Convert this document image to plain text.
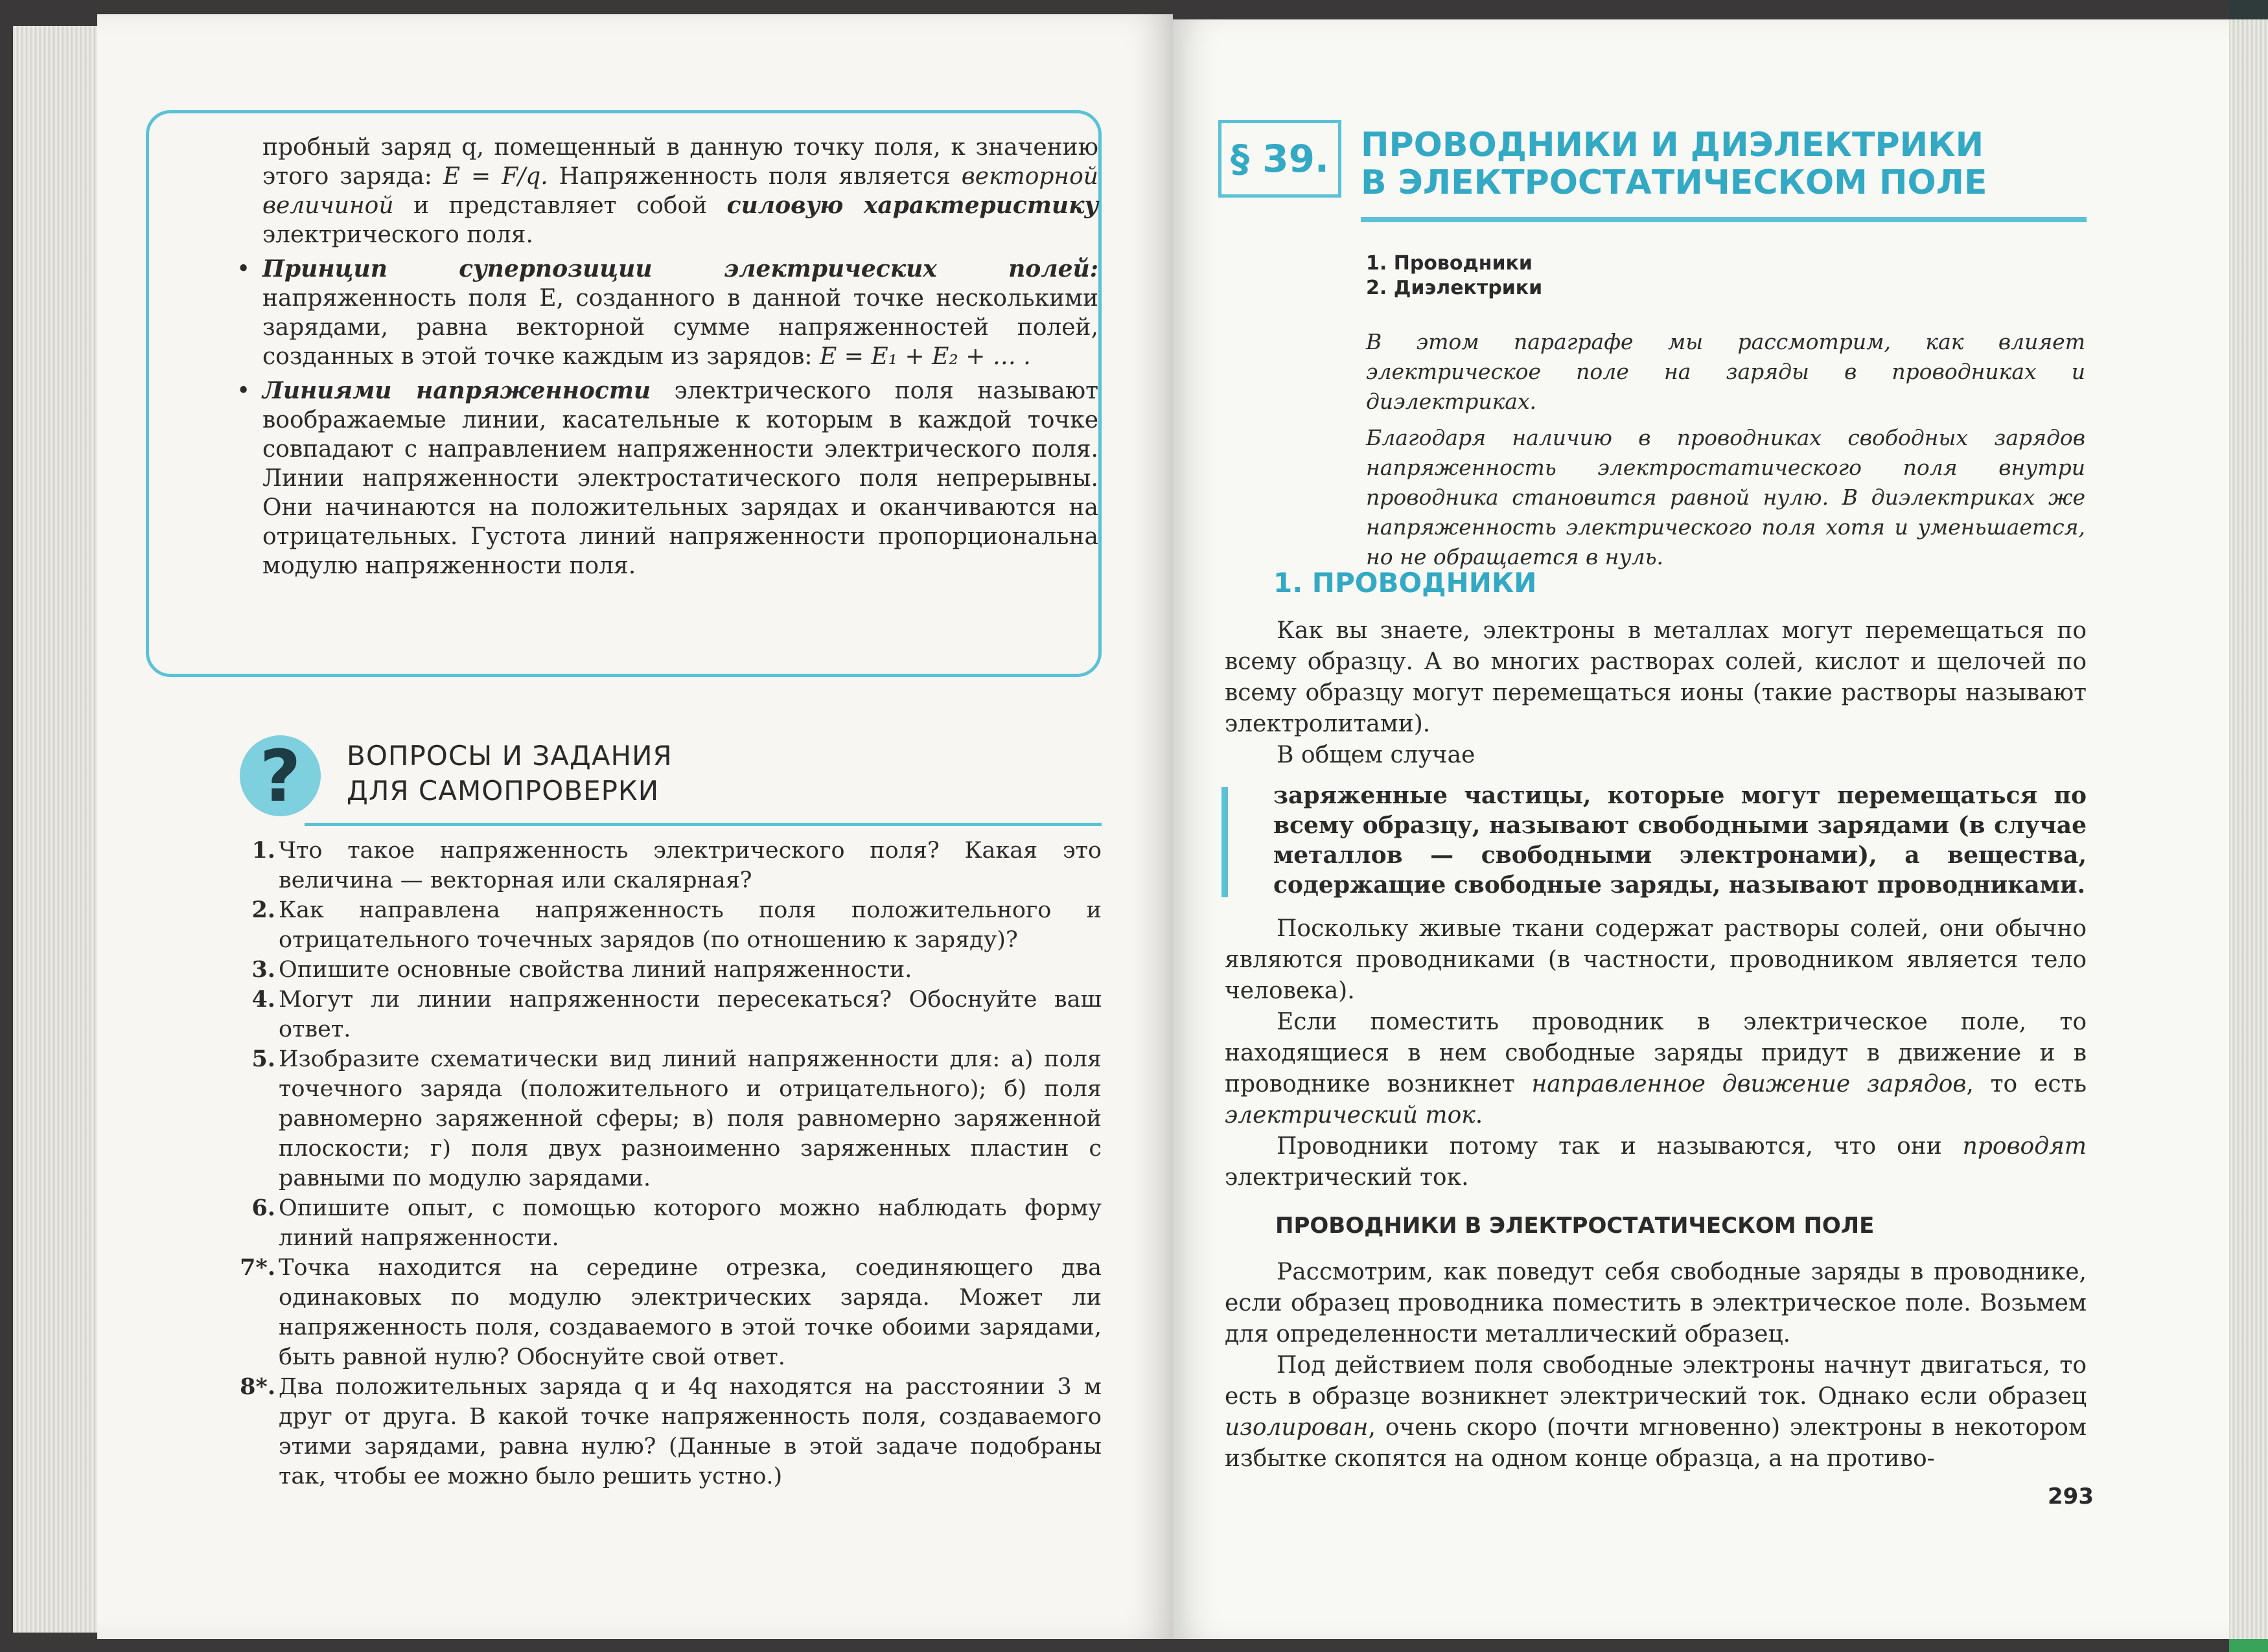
пробный заряд q, помещенный в данную точку поля, к значению этого заряда: E = F/q. Напряженность поля является векторной величиной и представляет собой силовую характеристику электрического поля.

• Принцип суперпозиции электрических полей: напряженность поля E, созданного в данной точке несколькими зарядами, равна векторной сумме напряженностей полей, созданных в этой точке каждым из зарядов: E = E₁ + E₂ + … .

• Линиями напряженности электрического поля называют воображаемые линии, касательные к которым в каждой точке совпадают с направлением напряженности электрического поля. Линии напряженности электростатического поля непрерывны. Они начинаются на положительных зарядах и оканчиваются на отрицательных. Густота линий напряженности пропорциональна модулю напряженности поля.

?	ВОПРОСЫ И ЗАДАНИЯ
ДЛЯ САМОПРОВЕРКИ
1. Что такое напряженность электрического поля? Какая это величина — векторная или скалярная?
2. Как направлена напряженность поля положительного и отрицательного точечных зарядов (по отношению к заряду)?
3. Опишите основные свойства линий напряженности.
4. Могут ли линии напряженности пересекаться? Обоснуйте ваш ответ.
5. Изобразите схематически вид линий напряженности для: а) поля точечного заряда (положительного и отрицательного); б) поля равномерно заряженной сферы; в) поля равномерно заряженной плоскости; г) поля двух разноименно заряженных пластин с равными по модулю зарядами.
6. Опишите опыт, с помощью которого можно наблюдать форму линий напряженности.
7*. Точка находится на середине отрезка, соединяющего два одинаковых по модулю электрических заряда. Может ли напряженность поля, создаваемого в этой точке обоими зарядами, быть равной нулю? Обоснуйте свой ответ.
8*. Два положительных заряда q и 4q находятся на расстоянии 3 м друг от друга. В какой точке напряженность поля, создаваемого этими зарядами, равна нулю? (Данные в этой задаче подобраны так, чтобы ее можно было решить устно.)
§ 39. ПРОВОДНИКИ И ДИЭЛЕКТРИКИ
В ЭЛЕКТРОСТАТИЧЕСКОМ ПОЛЕ
1. Проводники
2. Диэлектрики

В этом параграфе мы рассмотрим, как влияет электрическое поле на заряды в проводниках и диэлектриках.

Благодаря наличию в проводниках свободных зарядов напряженность электростатического поля внутри проводника становится равной нулю. В диэлектриках же напряженность электрического поля хотя и уменьшается, но не обращается в нуль.

1. ПРОВОДНИКИ

Как вы знаете, электроны в металлах могут перемещаться по всему образцу. А во многих растворах солей, кислот и щелочей по всему образцу могут перемещаться ионы (такие растворы называют электролитами).

В общем случае

заряженные частицы, которые могут перемещаться по всему образцу, называют свободными зарядами (в случае металлов — свободными электронами), а вещества, содержащие свободные заряды, называют проводниками.

Поскольку живые ткани содержат растворы солей, они обычно являются проводниками (в частности, проводником является тело человека).

Если поместить проводник в электрическое поле, то находящиеся в нем свободные заряды придут в движение и в проводнике возникнет направленное движение зарядов, то есть электрический ток.

Проводники потому так и называются, что они проводят электрический ток.

ПРОВОДНИКИ В ЭЛЕКТРОСТАТИЧЕСКОМ ПОЛЕ

Рассмотрим, как поведут себя свободные заряды в проводнике, если образец проводника поместить в электрическое поле. Возьмем для определенности металлический образец.

Под действием поля свободные электроны начнут двигаться, то есть в образце возникнет электрический ток. Однако если образец изолирован, очень скоро (почти мгновенно) электроны в некотором избытке скопятся на одном конце образца, а на противо-

293
